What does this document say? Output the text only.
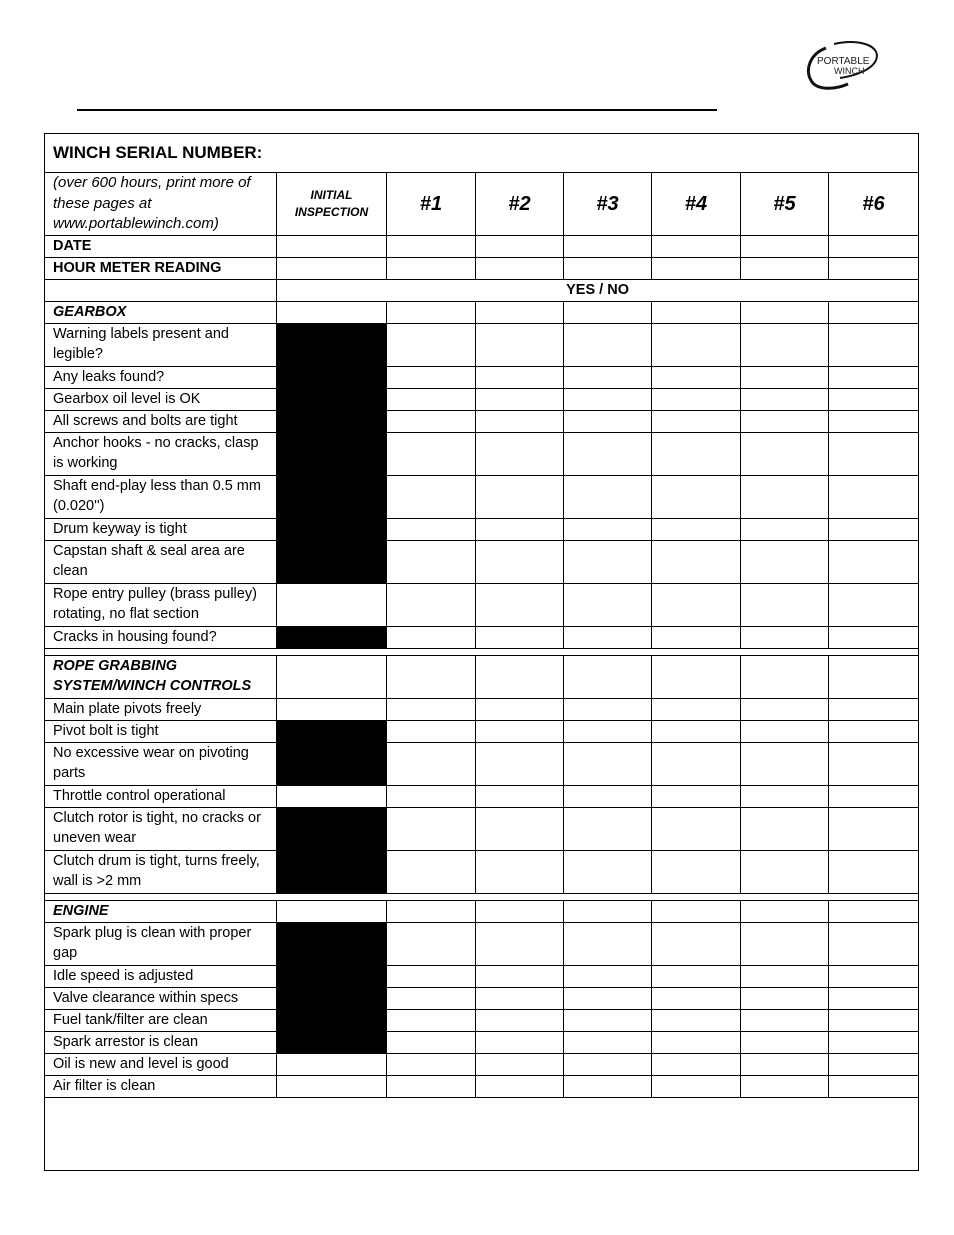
PORTABLE
WINCH
WINCH SERIAL NUMBER:							
(over 600 hours, print more of these pages at www.portablewinch.com)	INITIAL INSPECTION	#1	#2	#3	#4	#5	#6
DATE							
HOUR METER READING							
	YES / NO						
GEARBOX							
Warning labels present and legible?							
Any leaks found?							
Gearbox oil level is OK							
All screws and bolts are tight							
Anchor hooks - no cracks, clasp is working							
Shaft end-play less than 0.5 mm (0.020'')							
Drum keyway is tight							
Capstan shaft & seal area are clean							
Rope entry pulley (brass pulley) rotating, no flat section							
Cracks in housing found?							

ROPE GRABBING SYSTEM/WINCH CONTROLS							
Main plate pivots freely							
Pivot bolt is tight							
No excessive wear on pivoting parts							
Throttle control operational							
Clutch rotor is tight, no cracks or uneven wear							
Clutch drum is tight, turns freely, wall is >2 mm							

ENGINE							
Spark plug is clean with proper gap							
Idle speed is adjusted							
Valve clearance within specs							
Fuel tank/filter are clean							
Spark arrestor is clean							
Oil is new and level is good							
Air filter is clean							
